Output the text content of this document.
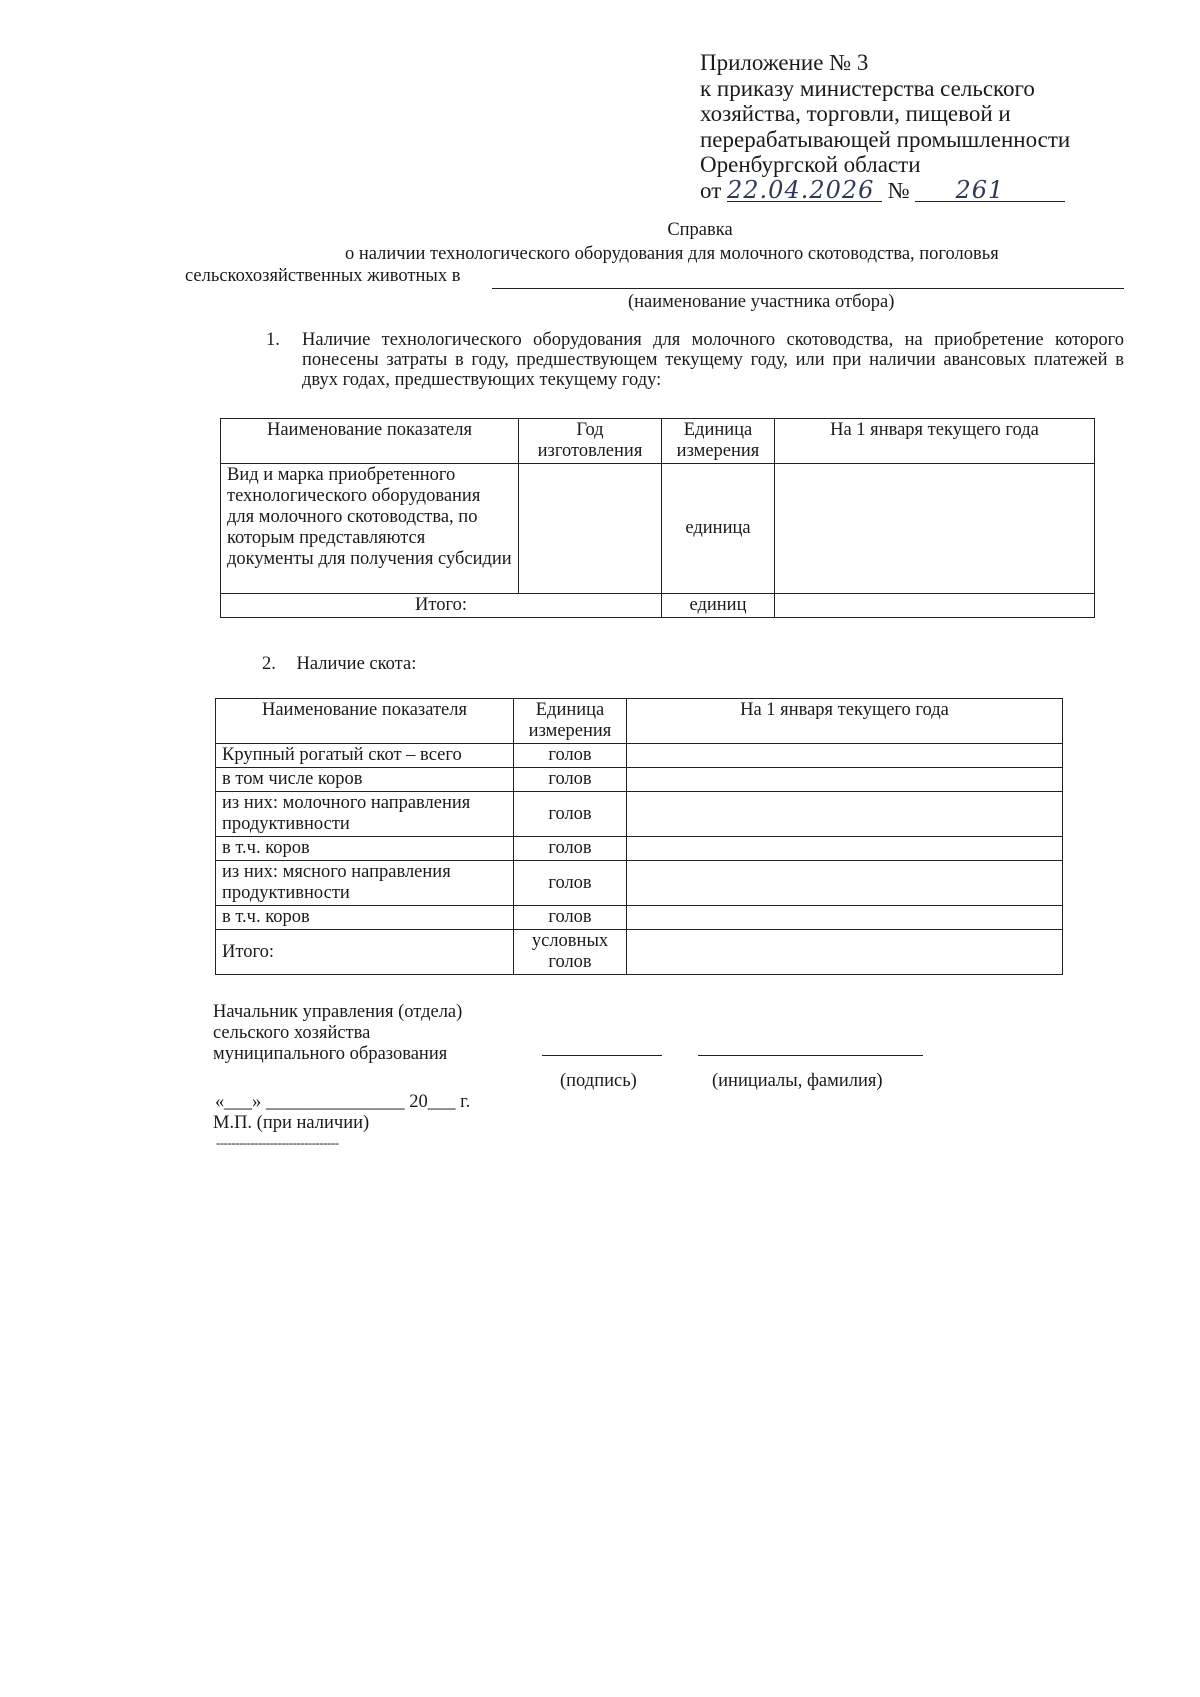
Приложение № 3
к приказу министерства сельского
хозяйства, торговли, пищевой и
перерабатывающей промышленности
Оренбургской области
от 22.04.2026 № 261
Справка
о наличии технологического оборудования для молочного скотоводства, поголовья
сельскохозяйственных животных в
(наименование участника отбора)
1. Наличие технологического оборудования для молочного скотоводства, на приобретение которого понесены затраты в году, предшествующем текущему году, или при наличии авансовых платежей в двух годах, предшествующих текущему году:
Наименование показателя	Год изготовления	Единица измерения	На 1 января текущего года
Вид и марка приобретенного технологического оборудования для молочного скотоводства, по которым представляются документы для получения субсидии		единица	
Итого:		единиц	
2. Наличие скота:
Наименование показателя	Единица измерения	На 1 января текущего года
Крупный рогатый скот – всего	голов	
в том числе коров	голов	
из них: молочного направления продуктивности	голов	
в т.ч. коров	голов	
из них: мясного направления продуктивности	голов	
в т.ч. коров	голов	
Итого:	условных голов	
Начальник управления (отдела)
сельского хозяйства
муниципального образования
(подпись)	(инициалы, фамилия)
«___» _______________ 20___ г.
М.П. (при наличии)
--------------------------------
